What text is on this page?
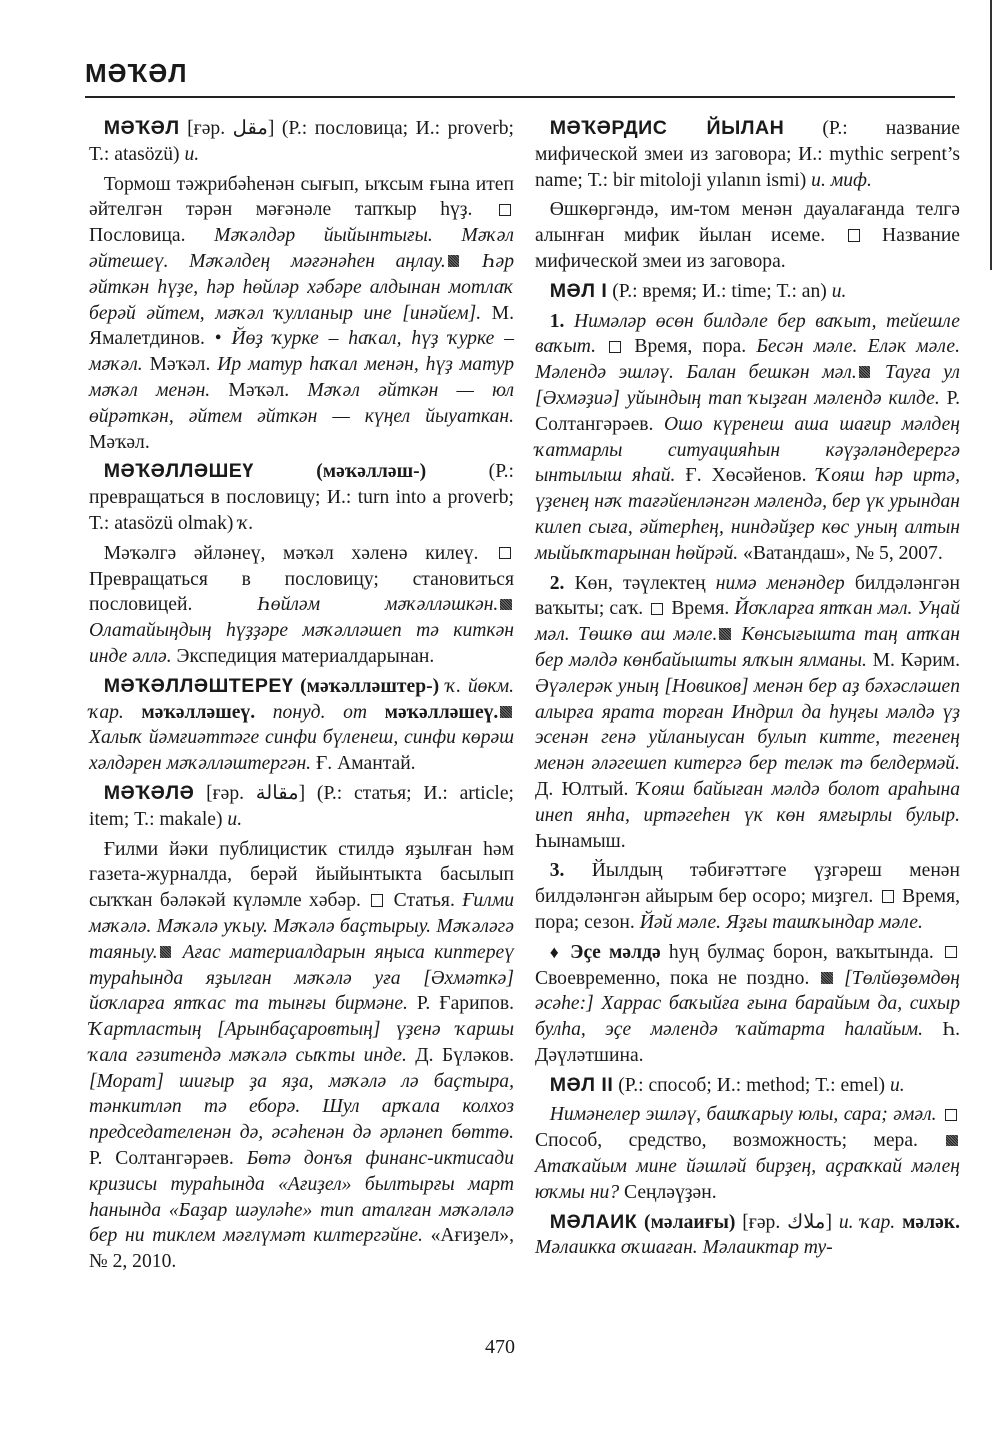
МӘҠӘЛ

МӘҠӘЛ [ғәр. مقل] (Р.: пословица; И.: proverb; Т.: atasözü) и.

Тормош тәжрибәhенән сығып, ыҡсым ғына итеп әйтелгән тәрән мәғәнәле тапҡыр һүҙ.  Пословица. Мәҡәлдәр йыйынтығы. Мәҡәл әйтешеү. Мәҡәлдең мәғәнәhен аңлау. Һәр әйткән һүҙе, һәр hөйләр хәбәре алдынан мотлаҡ берәй әйтем, мәҡәл ҡулланыр ине [инәйем]. М. Ямалетдинов. • Йөҙ ҡурке – hаҡал, hүҙ ҡурке – мәҡәл. Мәҡәл. Ир матур hаҡал менән, hүҙ матур мәҡәл менән. Мәҡәл. Мәҡәл әйткән — юл өйрәткән, әйтем әйткән — күңел йыуаткан. Мәҡәл.

МӘҠӘЛЛӘШЕҮ (мәҡәлләш-) (Р.: превращаться в пословицу; И.: turn into a proverb; Т.: atasözü olmak) ҡ.

Мәҡәлгә әйләнеү, мәҡәл хәленә килеү.  Превращаться в пословицу; становиться пословицей. Һөйләм мәҡәлләшкән. Олатайыңдың һүҙҙәре мәҡәлләшеп тә киткән инде әллә. Экспедиция материалдарынан.

МӘҠӘЛЛӘШТЕРЕҮ (мәҡәлләштер-) ҡ. йөкм. ҡар. мәҡәлләшеү. понуд. от мәҡәлләшеү. Халыҡ йәмғиәттәге синфи бүленеш, синфи көрәш хәлдәрен мәҡәлләштергән. Ғ. Амантай.

МӘҠӘЛӘ [ғәр. مقالة] (Р.: статья; И.: article; item; Т.: makale) и.

Ғилми йәки публицистик стилдә яҙылған һәм газета-журналда, берәй йыйынтыкта басылып сыҡҡан бәләкәй күләмле хәбәр.  Статья. Ғилми мәҡәлә. Мәҡәлә уҡыу. Мәҡәлә баҫтырыу. Мәҡәләгә таяныу. Ағас материалдарын яңыса киптереү тураhында яҙылған мәҡәлә уға [Әхмәткә] йоҡларға ятҡас та тынғы бирмәне. Р. Ғарипов. Ҡартластың [Арынбаҫаровтың] үҙенә ҡаршы ҡала гәзитендә мәҡәлә сыҡты инде. Д. Бүләков. [Морат] шиғыр ҙа яҙа, мәҡәлә лә баҫтыра, тәнкитләп тә еборә. Шул арҡала колхоз председателенән дә, әсәhенән дә әрләнеп бөттө. Р. Солтангәрәев. Бөтә донъя финанс-иктисади кризисы тураhында «Ағиҙел» былтырғы март hанында «Баҙар шәуләhе» тип аталған мәҡәләлә бер ни тиклем мәғлүмәт килтергәйне. «Ағиҙел», № 2, 2010.

МӘҠӘРДИС ЙЫЛАН (Р.: название мифической змеи из заговора; И.: mythic serpent’s name; Т.: bir mitoloji yılanın ismi) и. миф.

Өшкөргәндә, им-том менән дауалағанда телгә алынған мифик йылан исеме.  Название мифической змеи из заговора.

МӘЛ I (Р.: время; И.: time; Т.: an) и.

1. Нимәләр өсөн билдәле бер ваҡыт, тейешле ваҡыт.  Время, пора. Бесән мәле. Еләк мәле. Мәлендә эшләү. Балан бешкән мәл. Тауға ул [Әхмәҙиә] уйындың тап ҡыҙған мәлендә килде. Р. Солтангәрәев. Ошо күренеш аша шағир мәлдең ҡатмарлы ситуацияhын кәүҙәләндерергә ынтылыш яhай. Ғ. Хөсәйенов. Ҡояш hәр иртә, үҙенең нәҡ тағәйенләнгән мәлендә, бер үк урындан килеп сыға, әйтерhең, ниндәйҙер көс уның алтын мыйыҡтарынан hөйрәй. «Ватандаш», № 5, 2007.

2. Көн, тәүлектең нимә менәндер билдәләнгән ваҡыты; саҡ.  Время. Йоҡларға ятҡан мәл. Уңай мәл. Төшкө аш мәле. Көнсығышта таң атҡан бер мәлдә көнбайышты ялҡын ялманы. М. Кәрим. Әүәлерәк уның [Новиков] менән бер аҙ бәхәсләшеп алырға ярата торған Индрил да hуңғы мәлдә үҙ эсенән генә уйланыусан булып китте, тегенең менән әләгешеп китергә бер теләк тә белдермәй. Д. Юлтый. Ҡояш байыған мәлдә болот араhына инеп янhа, иртәгеhен үк көн ямғырлы булыр. Һынамыш.

3. Йылдың тәбиғәттәге үҙгәреш менән билдәләнгән айырым бер осоро; миҙгел.  Время, пора; сезон. Йәй мәле. Яҙғы ташҡындар мәле.

♦ Эҫе мәлдә һуң булмаҫ борон, ваҡытында.  Своевременно, пока не поздно.  [Төлйөҙөмдөң әсәhе:] Харрас баҡыйға ғына барайым да, сихыр булhа, эҫе мәлендә ҡайтарта hалайым. Һ. Дәүләтшина.

МӘЛ II (Р.: способ; И.: method; Т.: emel) и.

Нимәнелер эшләү, башҡарыу юлы, сара; әмәл.  Способ, средство, возможность; мера.  Атаҡайым мине йәшләй бирҙең, аҫраҡкай мәлең юҡмы ни? Сеңләүҙән.

МӘЛАИК (мәлаиғы) [ғәр. ملاك] и. ҡар. мәләк. Мәлаикка оҡшаған. Мәлаиктар ту-

470
